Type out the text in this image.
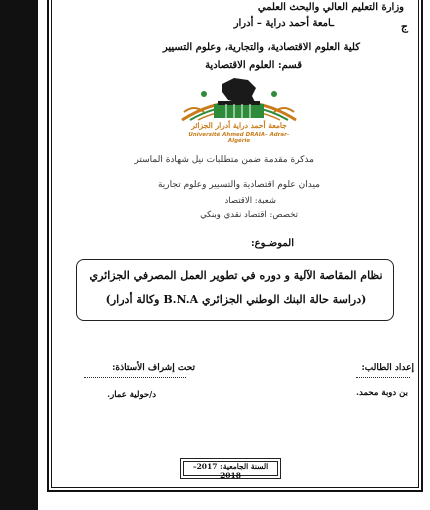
وزارة التعليم العالي والبحث العلمي
ج
ـامعة أحمد دراية – أدرار
كلية العلوم الاقتصادية، والتجارية، وعلوم التسيير
قسم: العلوم الاقتصادية
جامعة أحمد دراية أدرار الجزائر
Université Ahmed DRAIA– Adrar– Algérie
مذكرة مقدمة ضمن متطلبات نيل شهادة الماستر
ميدان علوم اقتصادية والتسيير وعلوم تجارية
شعبة: الاقتصاد
تخصص: اقتصاد نقدي وبنكي
الموضـوع:
نظام المقاصة الآلية و دوره في تطوير العمل المصرفي الجزائري
(دراسة حالة البنك الوطني الجزائري B.N.A وكالة أدرار)
تحت إشراف الأستاذة:	إعداد الطالب:
د/حولية عمار.	بن دوبة محمد.
السنة الجامعية: 2017– 2018
